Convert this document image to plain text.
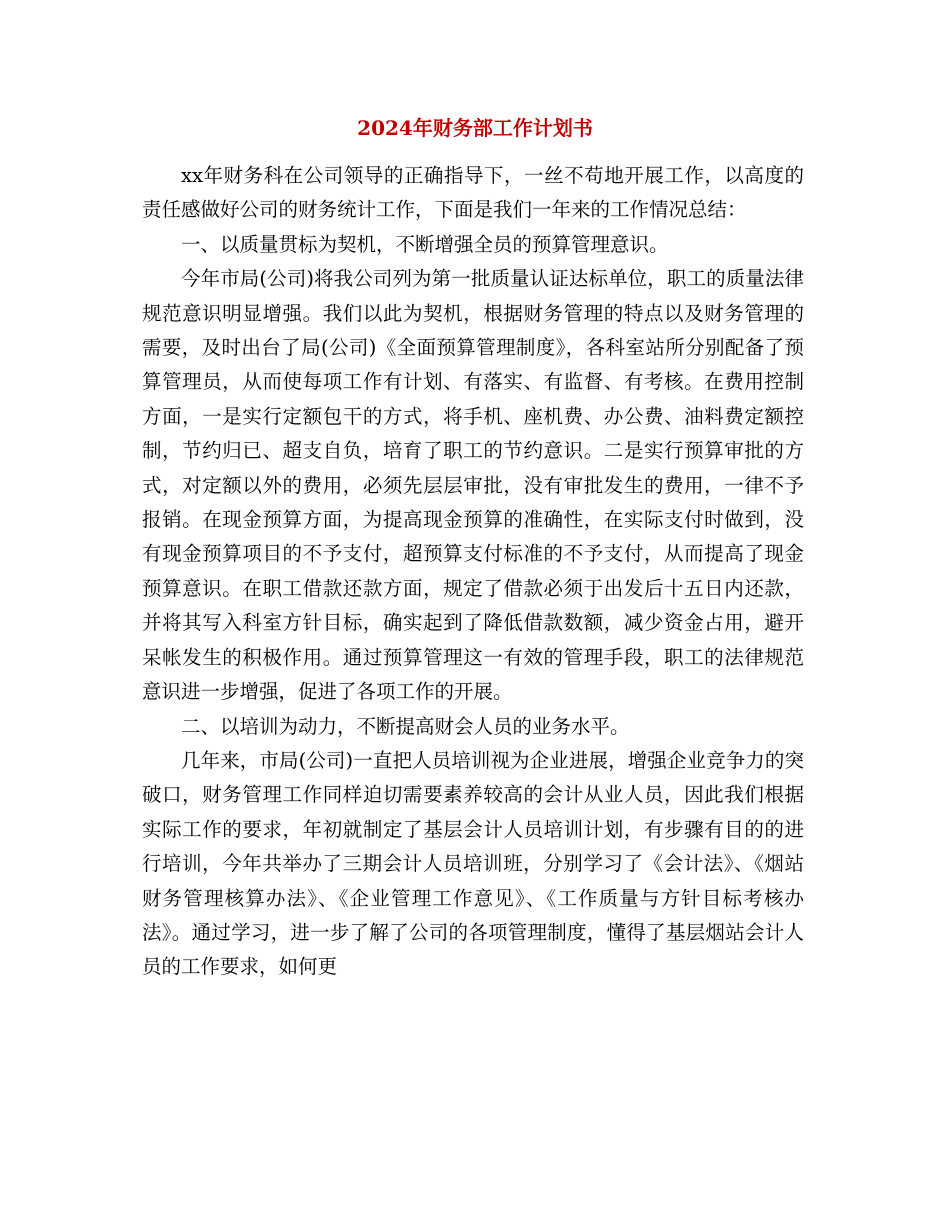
2024年财务部工作计划书

xx年财务科在公司领导的正确指导下，一丝不苟地开展工作，以高度的责任感做好公司的财务统计工作，下面是我们一年来的工作情况总结：

一、以质量贯标为契机，不断增强全员的预算管理意识。

今年市局(公司)将我公司列为第一批质量认证达标单位，职工的质量法律规范意识明显增强。我们以此为契机，根据财务管理的特点以及财务管理的需要，及时出台了局(公司)《全面预算管理制度》，各科室站所分别配备了预算管理员，从而使每项工作有计划、有落实、有监督、有考核。在费用控制方面，一是实行定额包干的方式，将手机、座机费、办公费、油料费定额控制，节约归已、超支自负，培育了职工的节约意识。二是实行预算审批的方式，对定额以外的费用，必须先层层审批，没有审批发生的费用，一律不予报销。在现金预算方面，为提高现金预算的准确性，在实际支付时做到，没有现金预算项目的不予支付，超预算支付标准的不予支付，从而提高了现金预算意识。在职工借款还款方面，规定了借款必须于出发后十五日内还款，并将其写入科室方针目标，确实起到了降低借款数额，减少资金占用，避开呆帐发生的积极作用。通过预算管理这一有效的管理手段，职工的法律规范意识进一步增强，促进了各项工作的开展。

二、以培训为动力，不断提高财会人员的业务水平。

几年来，市局(公司)一直把人员培训视为企业进展，增强企业竞争力的突破口，财务管理工作同样迫切需要素养较高的会计从业人员，因此我们根据实际工作的要求，年初就制定了基层会计人员培训计划，有步骤有目的的进行培训，今年共举办了三期会计人员培训班，分别学习了《会计法》、《烟站财务管理核算办法》、《企业管理工作意见》、《工作质量与方针目标考核办法》。通过学习，进一步了解了公司的各项管理制度，懂得了基层烟站会计人员的工作要求，如何更
